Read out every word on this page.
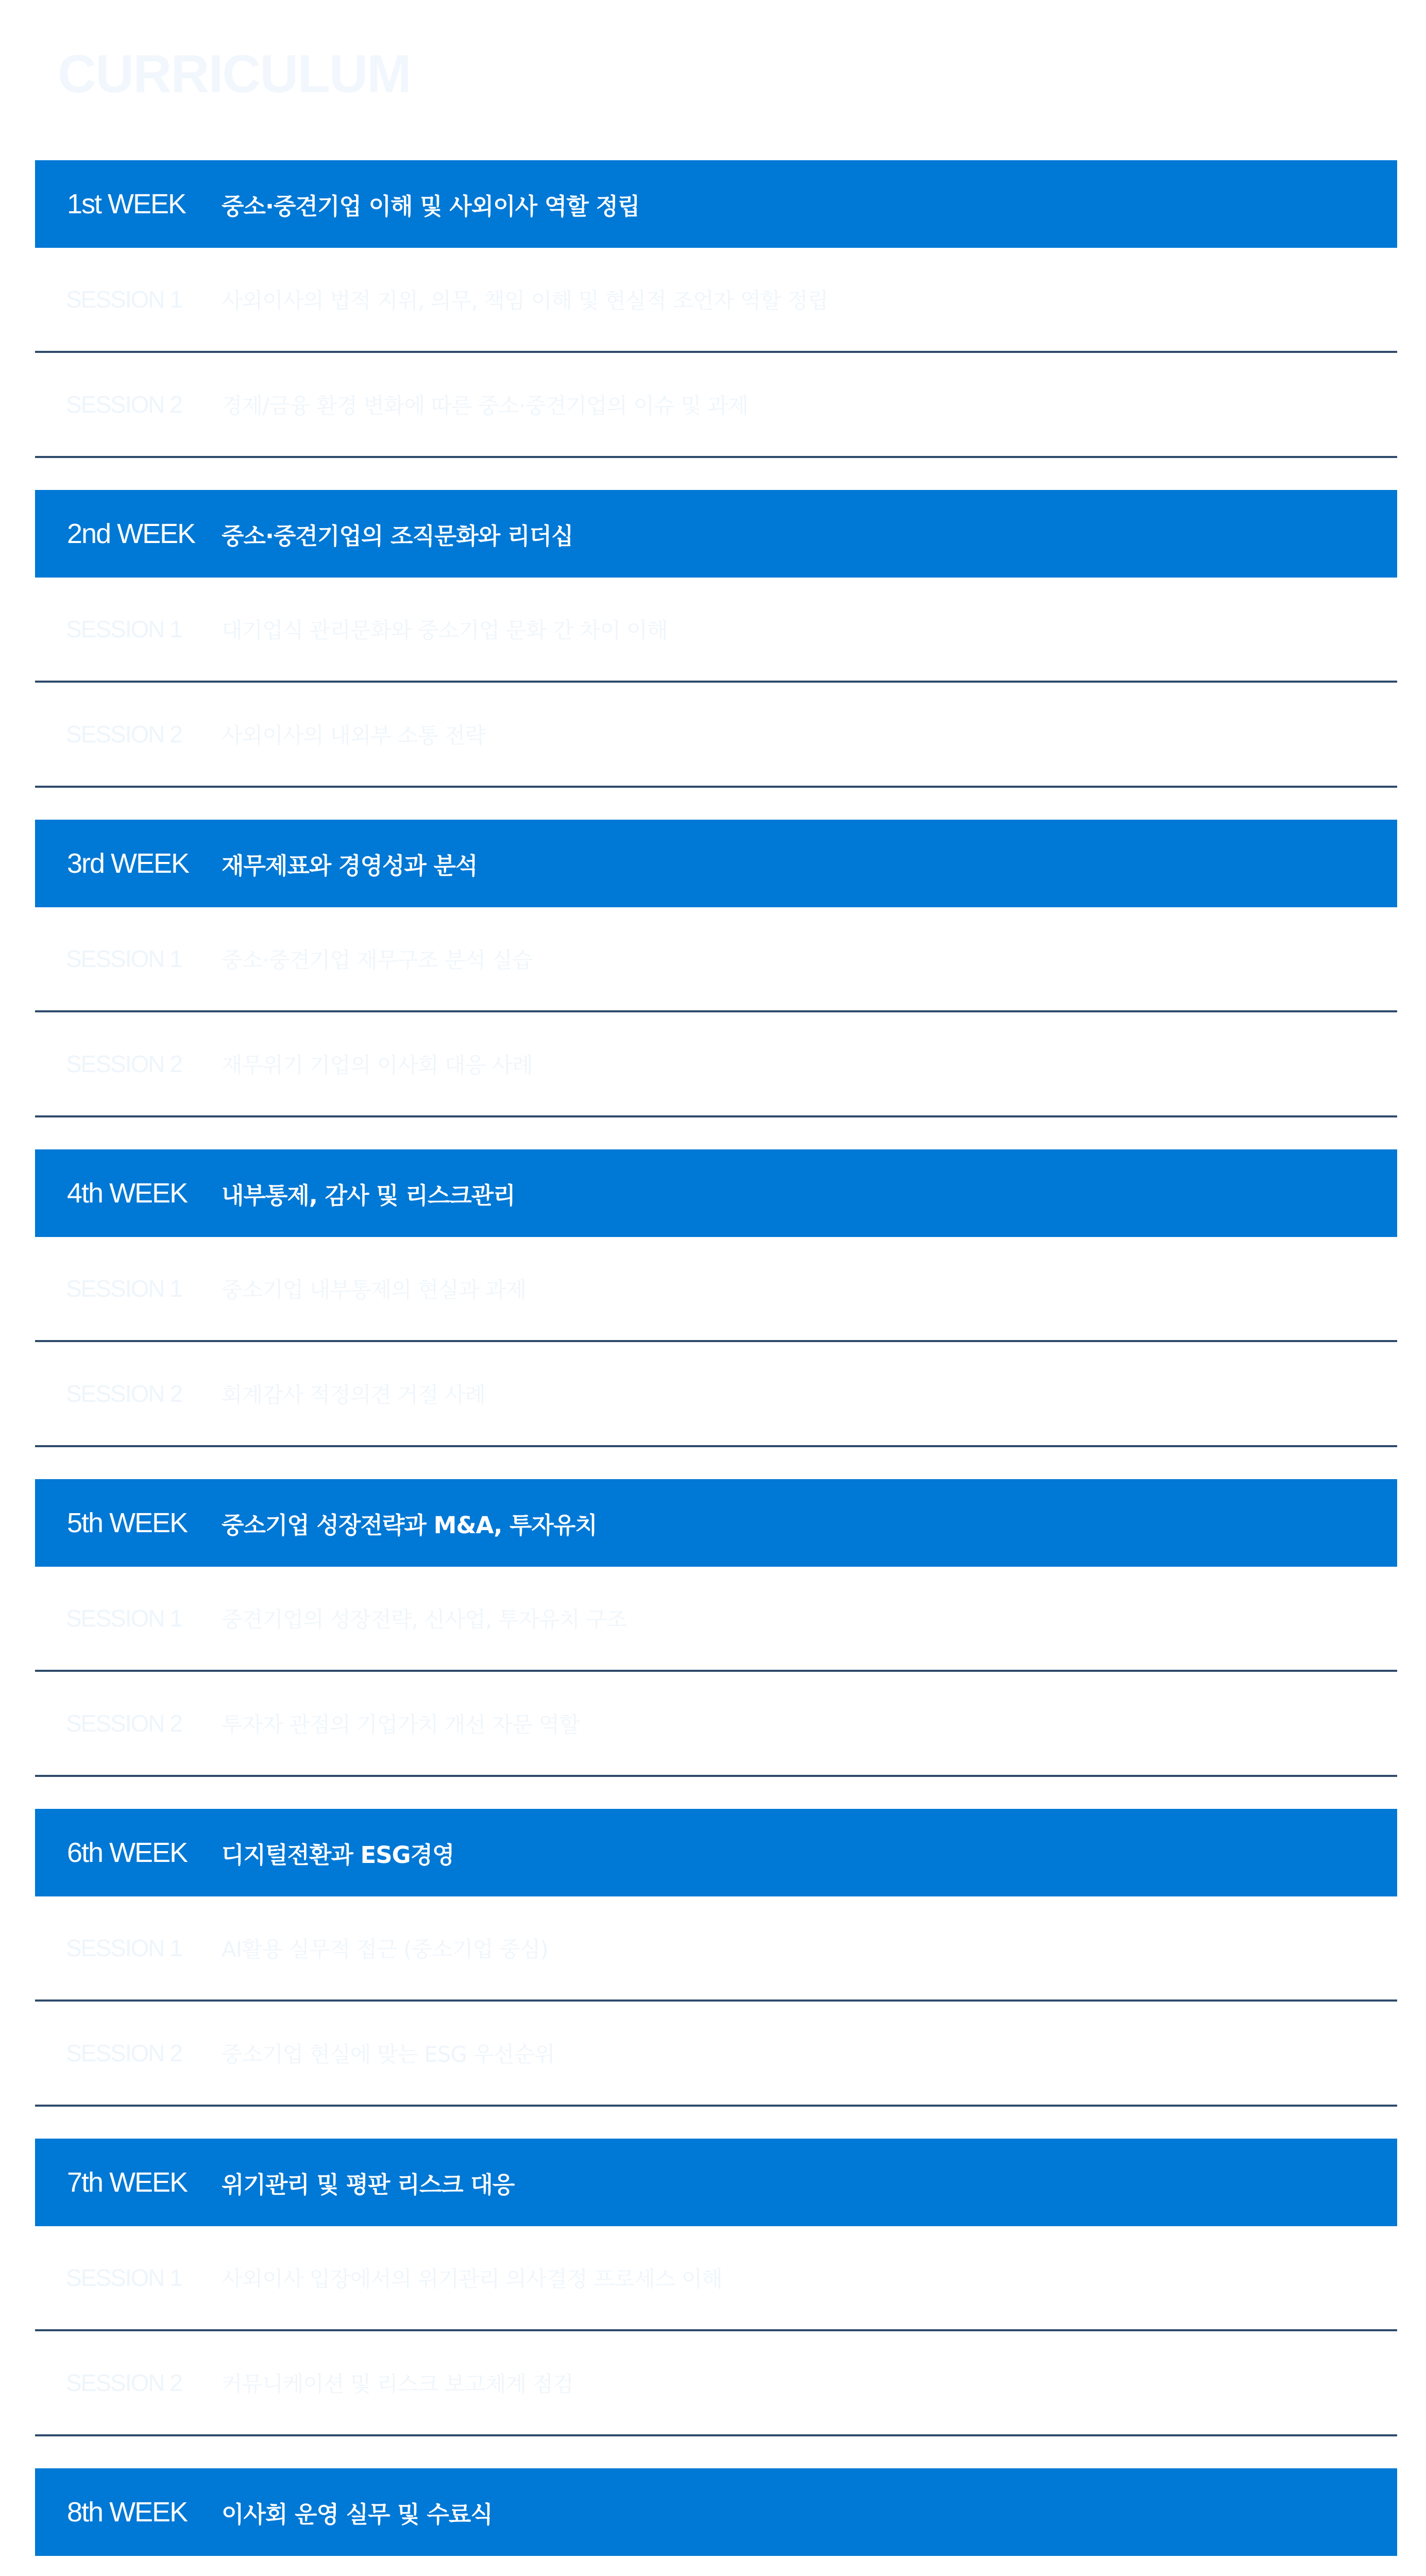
CURRICULUM
1st WEEK	중소·중견기업 이해 및 사외이사 역할 정립
SESSION 1	사외이사의 법적 지위, 의무, 책임 이해 및 현실적 조언자 역할 정립
SESSION 2	경제/금융 환경 변화에 따른 중소·중견기업의 이슈 및 과제
2nd WEEK	중소·중견기업의 조직문화와 리더십
SESSION 1	대기업식 관리문화와 중소기업 문화 간 차이 이해
SESSION 2	사외이사의 내외부 소통 전략
3rd WEEK	재무제표와 경영성과 분석
SESSION 1	중소·중견기업 재무구조 분석 실습
SESSION 2	재무위기 기업의 이사회 대응 사례
4th WEEK	내부통제, 감사 및 리스크관리
SESSION 1	중소기업 내부통제의 현실과 과제
SESSION 2	회계감사 적정의견 거절 사례
5th WEEK	중소기업 성장전략과 M&A, 투자유치
SESSION 1	중견기업의 성장전략, 신사업, 투자유치 구조
SESSION 2	투자자 관점의 기업가치 개선 자문 역할
6th WEEK	디지털전환과 ESG경영
SESSION 1	AI활용 실무적 접근 (중소기업 중심)
SESSION 2	중소기업 현실에 맞는 ESG 우선순위
7th WEEK	위기관리 및 평판 리스크 대응
SESSION 1	사외이사 입장에서의 위기관리 의사결정 프로세스 이해
SESSION 2	커뮤니케이션 및 리스크 보고체계 점검
8th WEEK	이사회 운영 실무 및 수료식
